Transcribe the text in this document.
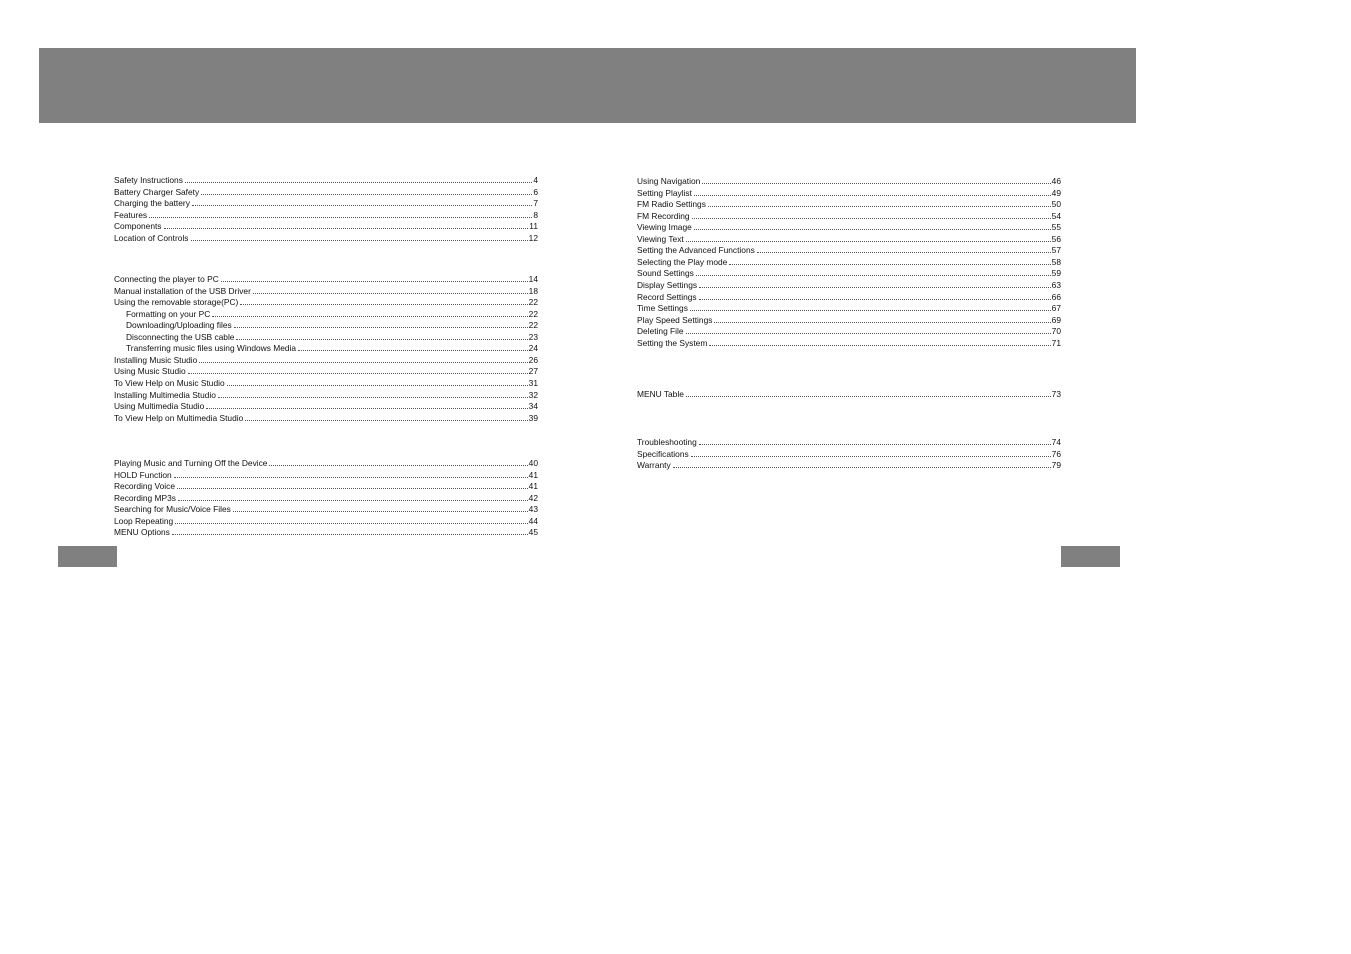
Safety Instructions	4
Battery Charger Safety	6
Charging the battery	7
Features	8
Components	11
Location of Controls	12
Connecting the player to PC	14
Manual installation of the USB Driver	18
Using the removable storage(PC)	22
Formatting on your PC	22
Downloading/Uploading files	22
Disconnecting the USB cable	23
Transferring music files using Windows Media	24
Installing Music Studio	26
Using Music Studio	27
To View Help on Music Studio	31
Installing Multimedia Studio	32
Using Multimedia Studio	34
To View Help on Multimedia Studio	39
Playing Music and Turning Off the Device	40
HOLD Function	41
Recording Voice	41
Recording MP3s	42
Searching for Music/Voice Files	43
Loop Repeating	44
MENU Options	45
Using Navigation	46
Setting Playlist	49
FM Radio Settings	50
FM Recording	54
Viewing Image	55
Viewing Text	56
Setting the Advanced Functions	57
Selecting the Play mode	58
Sound Settings	59
Display Settings	63
Record Settings	66
Time Settings	67
Play Speed Settings	69
Deleting File	70
Setting the System	71
MENU Table	73
Troubleshooting	74
Specifications	76
Warranty	79
